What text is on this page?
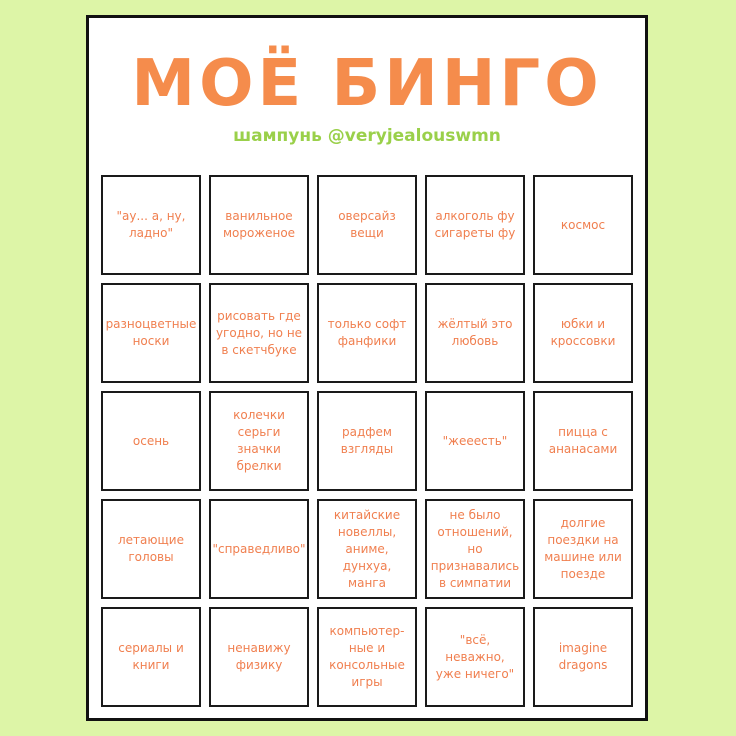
МОЁ БИНГО
шампунь @veryjealouswmn
"ау... а, ну,
ладно"
ванильное
мороженое
оверсайз
вещи
алкоголь фу
сигареты фу
космос
разноцветные
носки
рисовать где
угодно, но не
в скетчбуке
только софт
фанфики
жёлтый это
любовь
юбки и
кроссовки
осень
колечки
серьги
значки
брелки
радфем
взгляды
"жееесть"
пицца с
ананасами
летающие
головы
"справедливо"
китайские
новеллы,
аниме,
дунхуа,
манга
не было
отношений, но
признавались
в симпатии
долгие
поездки на
машине или
поезде
сериалы и
книги
ненавижу
физику
компьютер-
ные и
консольные
игры
"всё,
неважно,
уже ничего"
imagine
dragons
